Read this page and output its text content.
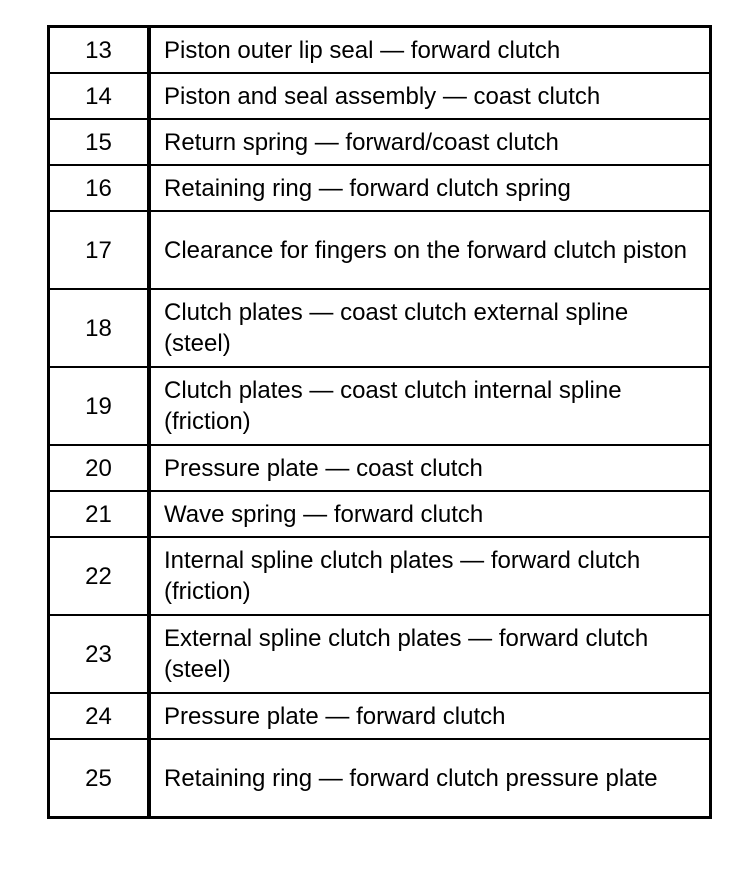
13	Piston outer lip seal — forward clutch
14	Piston and seal assembly — coast clutch
15	Return spring — forward/coast clutch
16	Retaining ring — forward clutch spring
17	Clearance for fingers on the forward clutch piston
18	Clutch plates — coast clutch external spline (steel)
19	Clutch plates — coast clutch internal spline (friction)
20	Pressure plate — coast clutch
21	Wave spring — forward clutch
22	Internal spline clutch plates — forward clutch (friction)
23	External spline clutch plates — forward clutch (steel)
24	Pressure plate — forward clutch
25	Retaining ring — forward clutch pressure plate
